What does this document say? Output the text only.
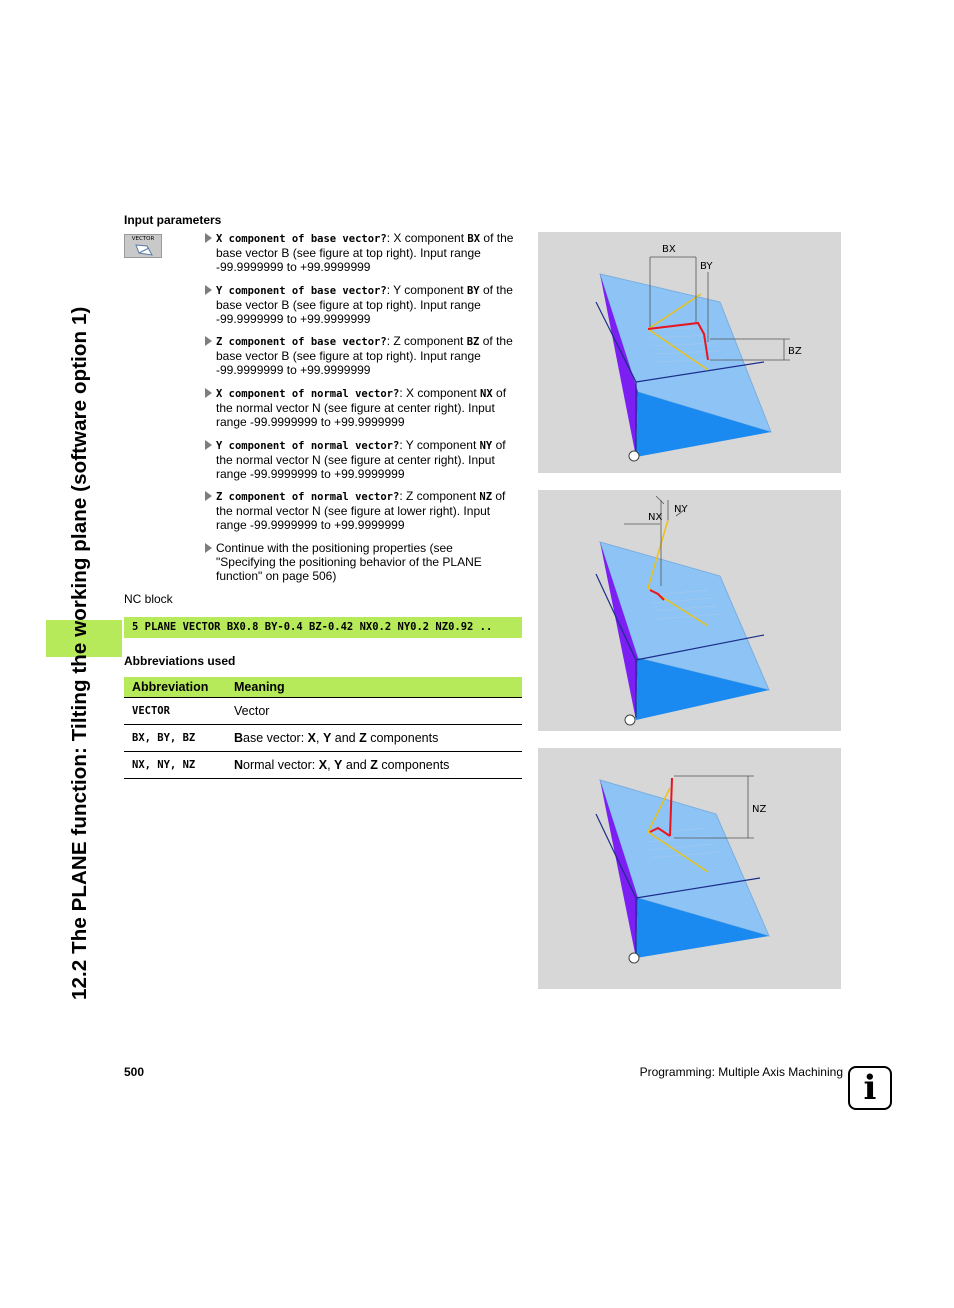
12.2 The PLANE function: Tilting the working plane (software option 1)
Input parameters
VECTOR	X component of base vector?: X component BX of the
base vector B (see figure at top right). Input range
-99.9999999 to +99.9999999
Y component of base vector?: Y component BY of the
base vector B (see figure at top right). Input range
-99.9999999 to +99.9999999
Z component of base vector?: Z component BZ of the
base vector B (see figure at top right). Input range
-99.9999999 to +99.9999999
X component of normal vector?: X component NX of
the normal vector N (see figure at center right). Input
range -99.9999999 to +99.9999999
Y component of normal vector?: Y component NY of
the normal vector N (see figure at center right). Input
range -99.9999999 to +99.9999999
Z component of normal vector?: Z component NZ of
the normal vector N (see figure at lower right). Input
range -99.9999999 to +99.9999999
Continue with the positioning properties (see
"Specifying the positioning behavior of the PLANE
function" on page 506)
NC block
5 PLANE VECTOR BX0.8 BY-0.4 BZ-0.42 NX0.2 NY0.2 NZ0.92 ..
Abbreviations used
Abbreviation	Meaning
VECTOR	Vector
BX, BY, BZ	Base vector: X, Y and Z components
NX, NY, NZ	Normal vector: X, Y and Z components
BX
BY
BZ
NX
NY
NZ
500	Programming: Multiple Axis Machining i
